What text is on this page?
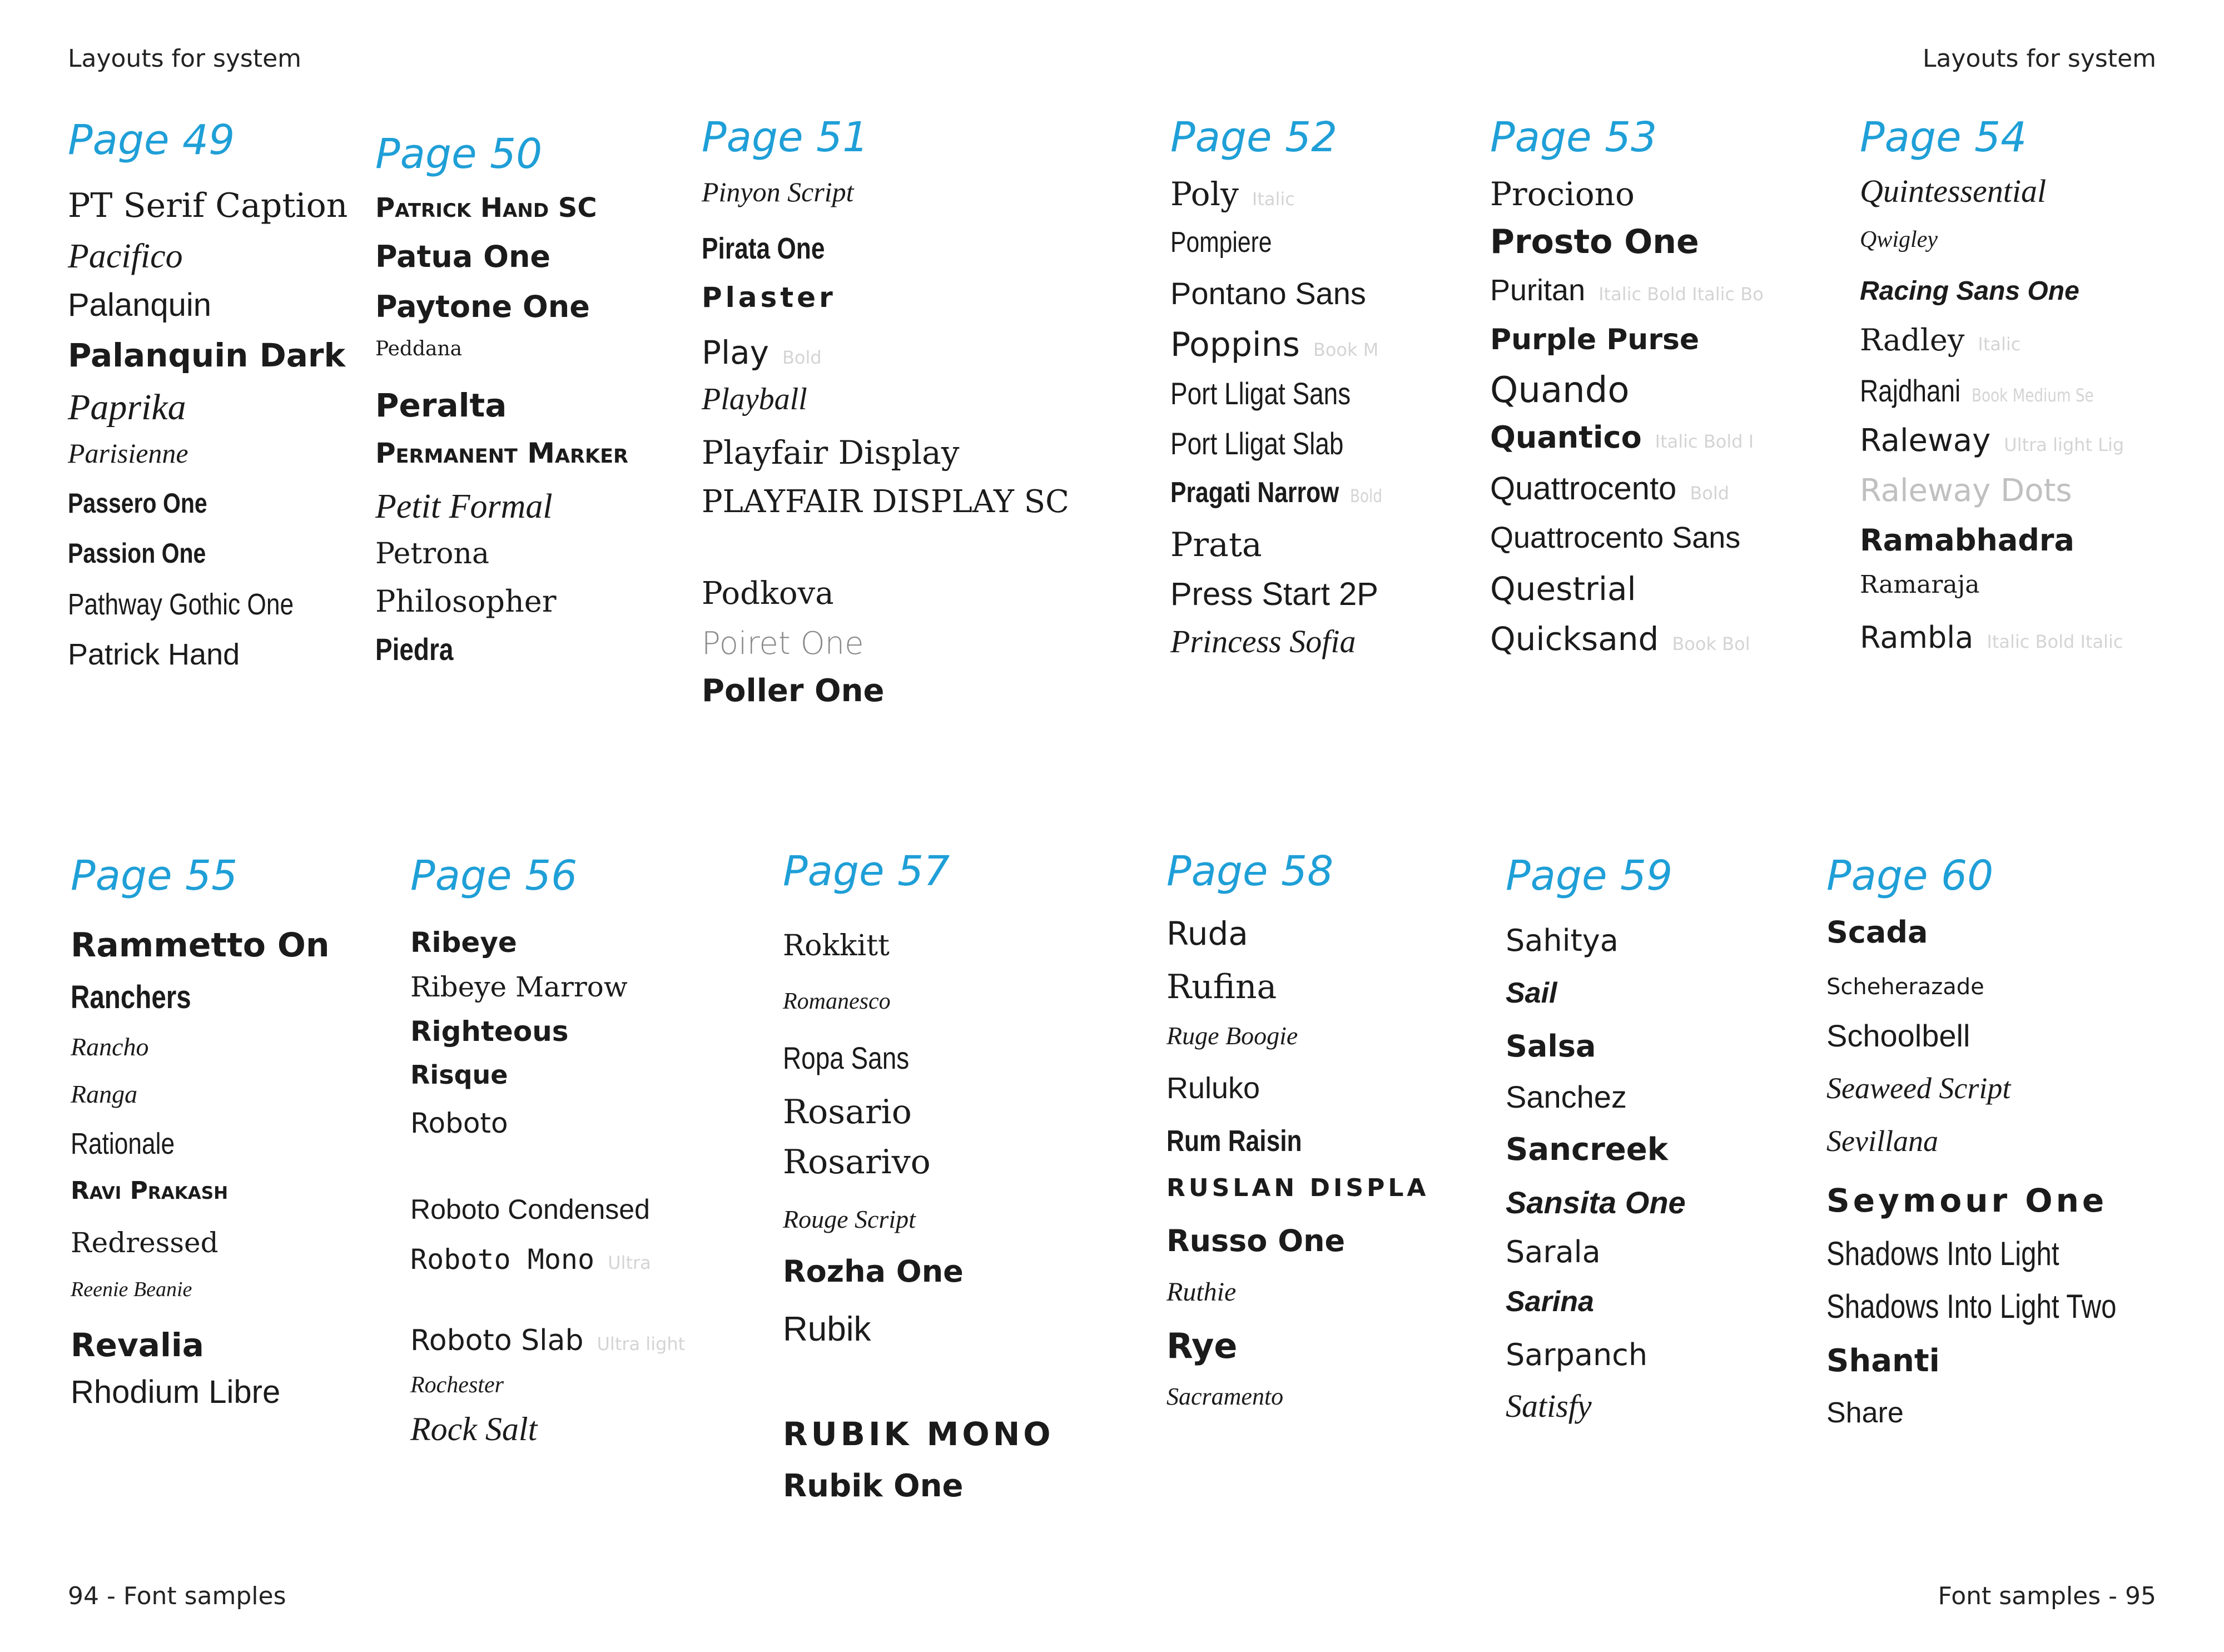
Layouts for system	Layouts for system
94 - Font samples	Font samples - 95
Page 49
PT Serif Caption
Pacifico
Palanquin
Palanquin Dark
Paprika
Parisienne
Passero One
Passion One
Pathway Gothic One
Patrick Hand
Page 50
Patrick Hand SC
Patua One
Paytone One
Peddana
Peralta
Permanent Marker
Petit Formal
Petrona
Philosopher
Piedra
Page 51
Pinyon Script
Pirata One
Plaster
Play Bold
Playball
Playfair Display
PLAYFAIR DISPLAY SC
Podkova
Poiret One
Poller One
Page 52
Poly Italic
Pompiere
Pontano Sans
Poppins Book M
Port Lligat Sans
Port Lligat Slab
Pragati Narrow Bold
Prata
Press Start 2P
Princess Sofia
Page 53
Prociono
Prosto One
Puritan Italic Bold Italic Bo
Purple Purse
Quando
Quantico Italic Bold I
Quattrocento Bold
Quattrocento Sans
Questrial
Quicksand Book Bol
Page 54
Quintessential
Qwigley
Racing Sans One
Radley Italic
Rajdhani Book Medium Se
Raleway Ultra light Lig
Raleway Dots
Ramabhadra
Ramaraja
Rambla Italic Bold Italic
Page 55
Rammetto On
Ranchers
Rancho
Ranga
Rationale
Ravi Prakash
Redressed
Reenie Beanie
Revalia
Rhodium Libre
Page 56
Ribeye
Ribeye Marrow
Righteous
Risque
Roboto
Roboto Condensed
Roboto Mono Ultra
Roboto Slab Ultra light
Rochester
Rock Salt
Page 57
Rokkitt
Romanesco
Ropa Sans
Rosario
Rosarivo
Rouge Script
Rozha One
Rubik
RUBIK MONO
Rubik One
Page 58
Ruda
Rufina
Ruge Boogie
Ruluko
Rum Raisin
RUSLAN DISPLA
Russo One
Ruthie
Rye
Sacramento
Page 59
Sahitya
Sail
Salsa
Sanchez
Sancreek
Sansita One
Sarala
Sarina
Sarpanch
Satisfy
Page 60
Scada
Scheherazade
Schoolbell
Seaweed Script
Sevillana
Seymour One
Shadows Into Light
Shadows Into Light Two
Shanti
Share
